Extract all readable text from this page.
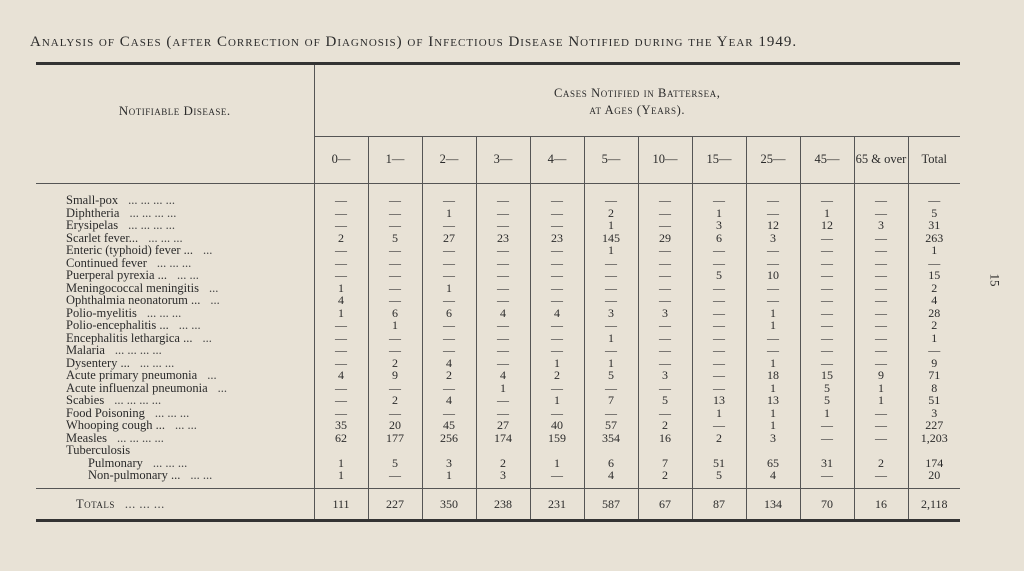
Analysis of Cases (after Correction of Diagnosis) of Infectious Disease Notified during the Year 1949.
15
Notifiable Disease.	Cases Notified in Battersea,
at Ages (Years).											

	0—	1—	2—	3—	4—	5—	10—	15—	25—	45—	65 & over	Total

Small-pox ... ... ... ...	—	—	—	—	—	—	—	—	—	—	—	—
Diphtheria ... ... ... ...	—	—	1	—	—	2	—	1	—	1	—	5
Erysipelas ... ... ... ...	—	—	—	—	—	1	—	3	12	12	3	31
Scarlet fever... ... ... ...	2	5	27	23	23	145	29	6	3	—	—	263
Enteric (typhoid) fever ... ...	—	—	—	—	—	1	—	—	—	—	—	1
Continued fever ... ... ...	—	—	—	—	—	—	—	—	—	—	—	—
Puerperal pyrexia ... ... ...	—	—	—	—	—	—	—	5	10	—	—	15
Meningococcal meningitis ...	1	—	1	—	—	—	—	—	—	—	—	2
Ophthalmia neonatorum ... ...	4	—	—	—	—	—	—	—	—	—	—	4
Polio-myelitis ... ... ...	1	6	6	4	4	3	3	—	1	—	—	28
Polio-encephalitis ... ... ...	—	1	—	—	—	—	—	—	1	—	—	2
Encephalitis lethargica ... ...	—	—	—	—	—	1	—	—	—	—	—	1
Malaria ... ... ... ...	—	—	—	—	—	—	—	—	—	—	—	—
Dysentery ... ... ... ...	—	2	4	—	1	1	—	—	1	—	—	9
Acute primary pneumonia ...	4	9	2	4	2	5	3	—	18	15	9	71
Acute influenzal pneumonia ...	—	—	—	1	—	—	—	—	1	5	1	8
Scabies ... ... ... ...	—	2	4	—	1	7	5	13	13	5	1	51
Food Poisoning ... ... ...	—	—	—	—	—	—	—	1	1	1	—	3
Whooping cough ... ... ...	35	20	45	27	40	57	2	—	1	—	—	227
Measles ... ... ... ...	62	177	256	174	159	354	16	2	3	—	—	1,203
Tuberculosis												
Pulmonary ... ... ...	1	5	3	2	1	6	7	51	65	31	2	174
Non-pulmonary ... ... ...	1	—	1	3	—	4	2	5	4	—	—	20

Totals ... ... ...	111	227	350	238	231	587	67	87	134	70	16	2,118
